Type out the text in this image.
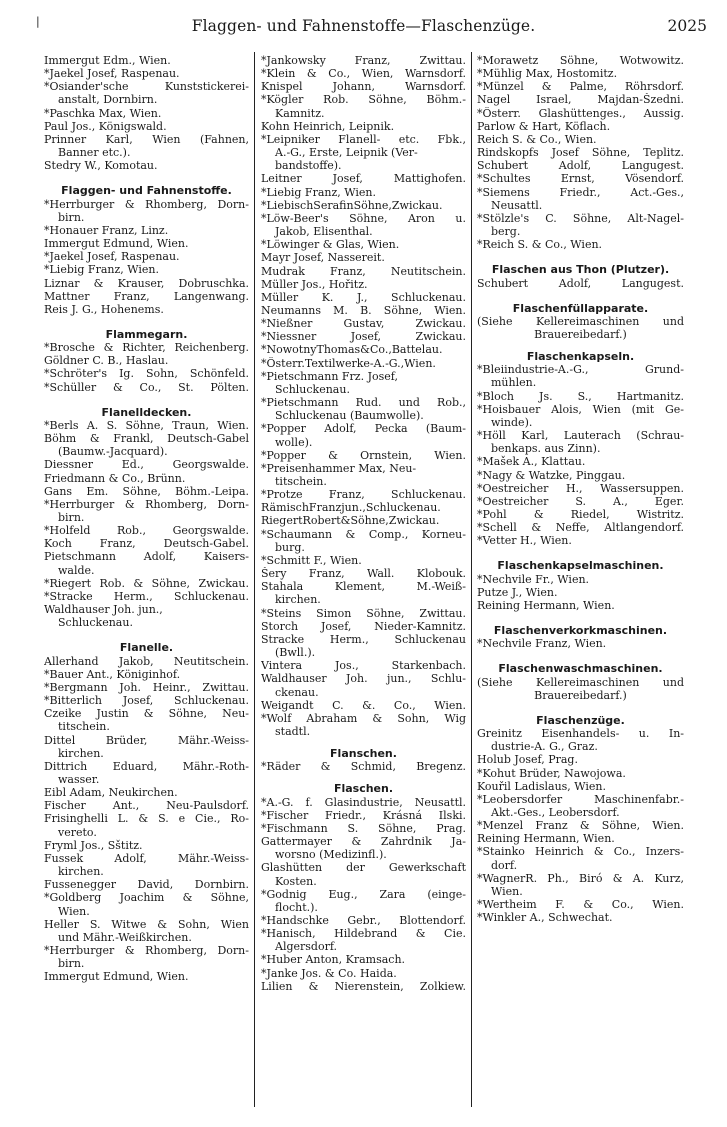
|	Flaggen- und Fahnenstoffe—Flaschenzüge.	2025
Immergut Edm., Wien.
*Jaekel Josef, Raspenau.
*Osiander'sche Kunststickerei-
anstalt, Dornbirn.
*Paschka Max, Wien.
Paul Jos., Königswald.
Prinner Karl, Wien (Fahnen,
Banner etc.).
Stedry W., Komotau.
Flaggen- und Fahnenstoffe.
*Herrburger & Rhomberg, Dorn-
birn.
*Honauer Franz, Linz.
Immergut Edmund, Wien.
*Jaekel Josef, Raspenau.
*Liebig Franz, Wien.
Liznar & Krauser, Dobruschka.
Mattner Franz, Langenwang.
Reis J. G., Hohenems.
Flammegarn.
*Brosche & Richter, Reichenberg.
Göldner C. B., Haslau.
*Schröter's Ig. Sohn, Schönfeld.
*Schüller & Co., St. Pölten.
Flanelldecken.
*Berls A. S. Söhne, Traun, Wien.
Böhm & Frankl, Deutsch-Gabel
(Baumw.-Jacquard).
Diessner Ed., Georgswalde.
Friedmann & Co., Brünn.
Gans Em. Söhne, Böhm.-Leipa.
*Herrburger & Rhomberg, Dorn-
birn.
*Holfeld Rob., Georgswalde.
Koch Franz, Deutsch-Gabel.
Pietschmann Adolf, Kaisers-
walde.
*Riegert Rob. & Söhne, Zwickau.
*Stracke Herm., Schluckenau.
Waldhauser Joh. jun.,
Schluckenau.
Flanelle.
Allerhand Jakob, Neutitschein.
*Bauer Ant., Königinhof.
*Bergmann Joh. Heinr., Zwittau.
*Bitterlich Josef, Schluckenau.
Czeike Justin & Söhne, Neu-
titschein.
Dittel Brüder, Mähr.-Weiss-
kirchen.
Dittrich Eduard, Mähr.-Roth-
wasser.
Eibl Adam, Neukirchen.
Fischer Ant., Neu-Paulsdorf.
Frisinghelli L. & S. e Cie., Ro-
vereto.
Fryml Jos., Sštitz.
Fussek Adolf, Mähr.-Weiss-
kirchen.
Fussenegger David, Dornbirn.
*Goldberg Joachim & Söhne,
Wien.
Heller S. Witwe & Sohn, Wien
und Mähr.-Weißkirchen.
*Herrburger & Rhomberg, Dorn-
birn.
Immergut Edmund, Wien.
*Jankowsky Franz, Zwittau.
*Klein & Co., Wien, Warnsdorf.
Knispel Johann, Warnsdorf.
*Kögler Rob. Söhne, Böhm.-
Kamnitz.
Kohn Heinrich, Leipnik.
*Leipniker Flanell- etc. Fbk.,
A.-G., Erste, Leipnik (Ver-
bandstoffe).
Leitner Josef, Mattighofen.
*Liebig Franz, Wien.
*LiebischSerafinSöhne,Zwickau.
*Löw-Beer's Söhne, Aron u.
Jakob, Elisenthal.
*Löwinger & Glas, Wien.
Mayr Josef, Nassereit.
Mudrak Franz, Neutitschein.
Müller Jos., Hořitz.
Müller K. J., Schluckenau.
Neumanns M. B. Söhne, Wien.
*Nießner Gustav, Zwickau.
*Niessner Josef, Zwickau.
*NowotnyThomas&Co.,Battelau.
*Österr.Textilwerke-A.-G.,Wien.
*Pietschmann Frz. Josef,
Schluckenau.
*Pietschmann Rud. und Rob.,
Schluckenau (Baumwolle).
*Popper Adolf, Pecka (Baum-
wolle).
*Popper & Ornstein, Wien.
*Preisenhammer Max, Neu-
titschein.
*Protze Franz, Schluckenau.
RämischFranzjun.,Schluckenau.
RiegertRobert&Söhne,Zwickau.
*Schaumann & Comp., Korneu-
burg.
*Schmitt F., Wien.
Šery Franz, Wall. Klobouk.
Stahala Klement, M.-Weiß-
kirchen.
*Steins Simon Söhne, Zwittau.
Storch Josef, Nieder-Kamnitz.
Stracke Herm., Schluckenau
(Bwll.).
Vintera Jos., Starkenbach.
Waldhauser Joh. jun., Schlu-
ckenau.
Weigandt C. &. Co., Wien.
*Wolf Abraham & Sohn, Wig
stadtl.
Flanschen.
*Räder & Schmid, Bregenz.
Flaschen.
*A.-G. f. Glasindustrie, Neusattl.
*Fischer Friedr., Krásná Ilski.
*Fischmann S. Söhne, Prag.
Gattermayer & Zahrdnik Ja-
worsno (Medizinfl.).
Glashütten der Gewerkschaft
Kosten.
*Godnig Eug., Zara (einge-
flocht.).
*Handschke Gebr., Blottendorf.
*Hanisch, Hildebrand & Cie.
Algersdorf.
*Huber Anton, Kramsach.
*Janke Jos. & Co. Haida.
Lilien & Nierenstein, Zolkiew.
*Morawetz Söhne, Wotwowitz.
*Mühlig Max, Hostomitz.
*Münzel & Palme, Röhrsdorf.
Nagel Israel, Majdan-Šzedni.
*Österr. Glashüttenges., Aussig.
Parlow & Hart, Köflach.
Reich S. & Co., Wien.
Rindskopfs Josef Söhne, Teplitz.
Schubert Adolf, Langugest.
*Schultes Ernst, Vösendorf.
*Siemens Friedr., Act.-Ges.,
Neusattl.
*Stölzle's C. Söhne, Alt-Nagel-
berg.
*Reich S. & Co., Wien.
Flaschen aus Thon (Plutzer).
Schubert Adolf, Langugest.
Flaschenfüllapparate.
(Siehe Kellereimaschinen und
Brauereibedarf.)
Flaschenkapseln.
*Bleiindustrie-A.-G., Grund-
mühlen.
*Bloch Js. S., Hartmanitz.
*Hoisbauer Alois, Wien (mit Ge-
winde).
*Höll Karl, Lauterach (Schrau-
benkaps. aus Zinn).
*Mašek A., Klattau.
*Nagy & Watzke, Pinggau.
*Oestreicher H., Wassersuppen.
*Oestreicher S. A., Eger.
*Pohl & Riedel, Wistritz.
*Schell & Neffe, Altlangendorf.
*Vetter H., Wien.
Flaschenkapselmaschinen.
*Nechvile Fr., Wien.
Putze J., Wien.
Reining Hermann, Wien.
Flaschenverkorkmaschinen.
*Nechvile Franz, Wien.
Flaschenwaschmaschinen.
(Siehe Kellereimaschinen und
Brauereibedarf.)
Flaschenzüge.
Greinitz Eisenhandels- u. In-
dustrie-A. G., Graz.
Holub Josef, Prag.
*Kohut Brüder, Nawojowa.
Kouřil Ladislaus, Wien.
*Leobersdorfer Maschinenfabr.-
Akt.-Ges., Leobersdorf.
*Menzel Franz & Söhne, Wien.
Reining Hermann, Wien.
*Stainko Heinrich & Co., Inzers-
dorf.
*WagnerR. Ph., Biró & A. Kurz,
Wien.
*Wertheim F. & Co., Wien.
*Winkler A., Schwechat.
